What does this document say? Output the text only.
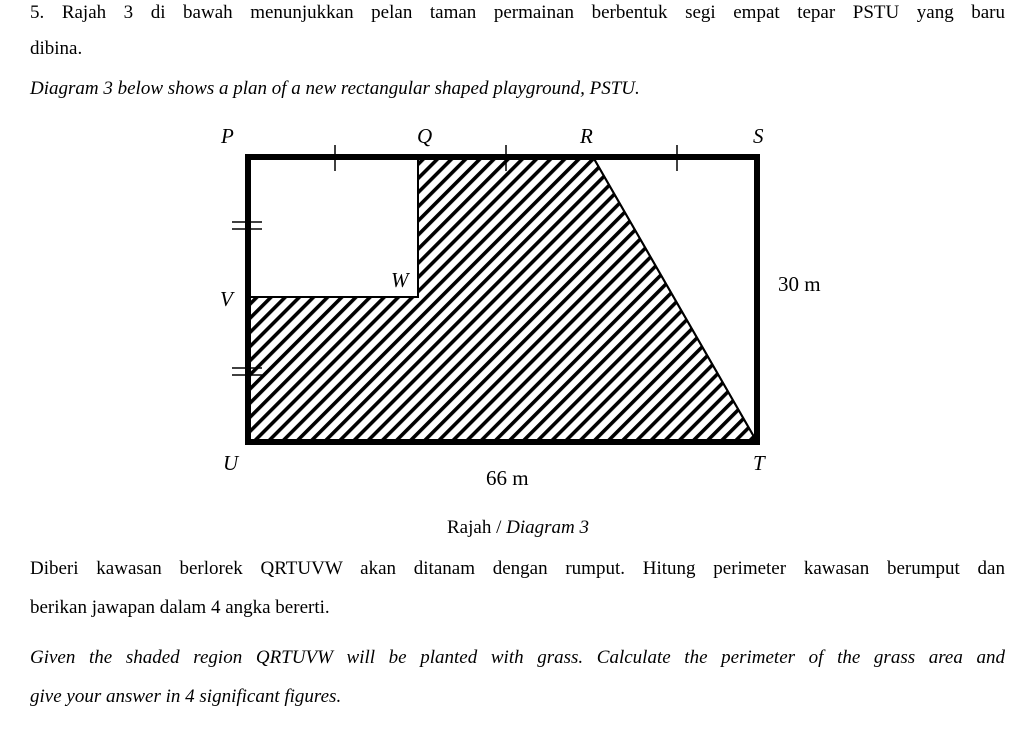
5. Rajah 3 di bawah menunjukkan pelan taman permainan berbentuk segi empat tepar PSTU yang baru
dibina.
Diagram 3 below shows a plan of a new rectangular shaped playground, PSTU.
P	Q	R	S
W
V
U	T
30 m
66 m
Rajah / Diagram 3
Diberi kawasan berlorek QRTUVW akan ditanam dengan rumput. Hitung perimeter kawasan berumput dan
berikan jawapan dalam 4 angka bererti.
Given the shaded region QRTUVW will be planted with grass. Calculate the perimeter of the grass area and
give your answer in 4 significant figures.
